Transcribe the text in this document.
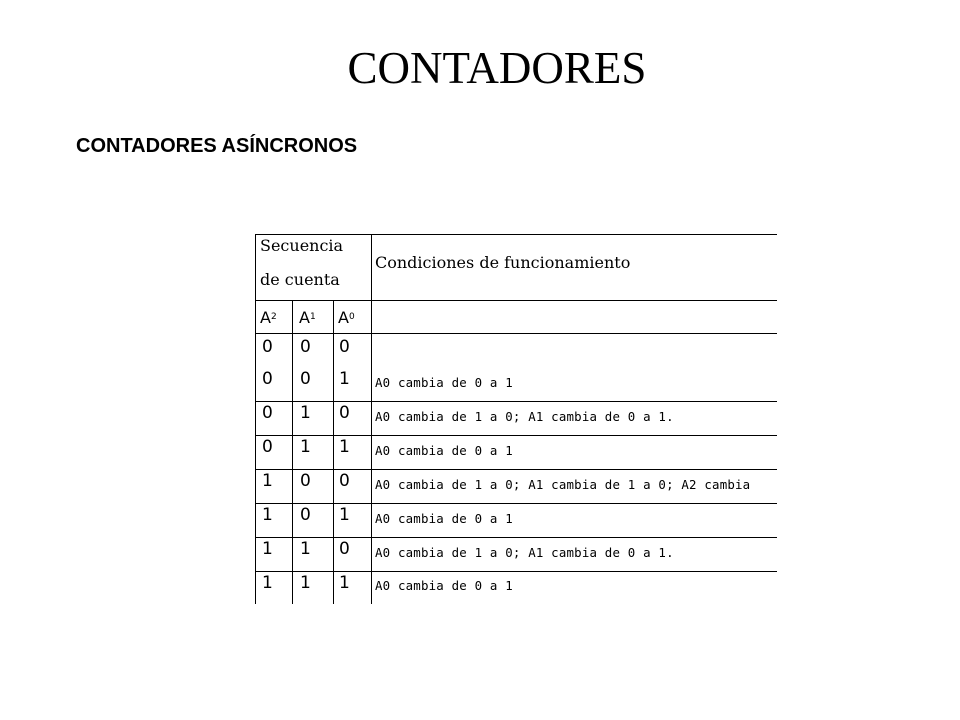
CONTADORES
CONTADORES ASÍNCRONOS
Secuencia
de cuenta
Condiciones de funcionamiento
A 2 A 1 A 0
0 0 0
0 0 1 A0 cambia de 0 a 1
0 1 0 A0 cambia de 1 a 0; A1 cambia de 0 a 1.
0 1 1 A0 cambia de 0 a 1
1 0 0 A0 cambia de 1 a 0; A1 cambia de 1 a 0; A2 cambia
1 0 1 A0 cambia de 0 a 1
1 1 0 A0 cambia de 1 a 0; A1 cambia de 0 a 1.
1 1 1 A0 cambia de 0 a 1
